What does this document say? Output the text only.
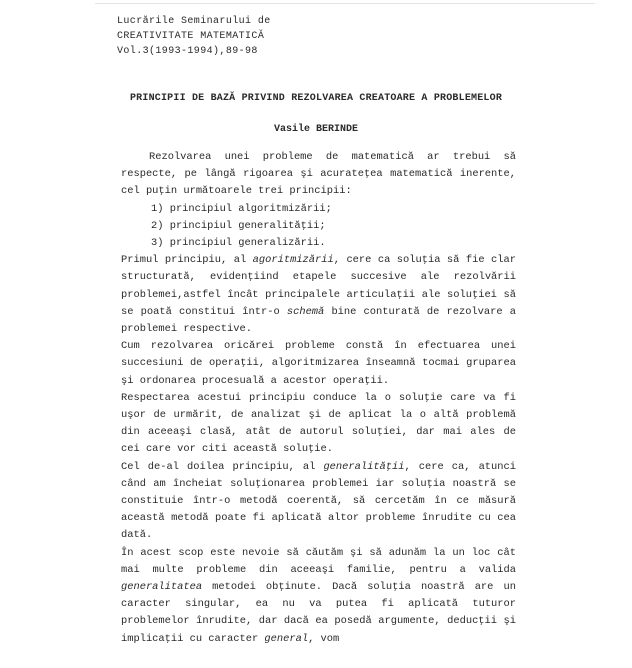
Lucrările Seminarului de
CREATIVITATE MATEMATICĂ
Vol.3(1993-1994),89-98
PRINCIPII DE BAZĂ PRIVIND REZOLVAREA CREATOARE A PROBLEMELOR
Vasile BERINDE

Rezolvarea unei probleme de matematică ar trebui să respecte, pe lângă rigoarea şi acurateţea matematică inerente, cel puţin următoarele trei principii:

1) principiul algoritmizării;
2) principiul generalităţii;
3) principiul generalizării.

Primul principiu, al agoritmizării, cere ca soluţia să fie clar structurată, evidenţiind etapele succesive ale rezolvării problemei,astfel încât principalele articulaţii ale soluţiei să se poată constitui într-o schemă bine conturată de rezolvare a problemei respective.

Cum rezolvarea oricărei probleme constă în efectuarea unei succesiuni de operaţii, algoritmizarea înseamnă tocmai gruparea şi ordonarea procesuală a acestor operaţii.

Respectarea acestui principiu conduce la o soluţie care va fi uşor de urmărit, de analizat şi de aplicat la o altă problemă din aceeaşi clasă, atât de autorul soluţiei, dar mai ales de cei care vor citi această soluţie.

Cel de-al doilea principiu, al generalităţii, cere ca, atunci când am încheiat soluţionarea problemei iar soluţia noastră se constituie într-o metodă coerentă, să cercetăm în ce măsură această metodă poate fi aplicată altor probleme înrudite cu cea dată.

În acest scop este nevoie să căutăm şi să adunăm la un loc cât mai multe probleme din aceeaşi familie, pentru a valida generalitatea metodei obţinute. Dacă soluţia noastră are un caracter singular, ea nu va putea fi aplicată tuturor problemelor înrudite, dar dacă ea posedă argumente, deducţii şi implicaţii cu caracter general, vom
